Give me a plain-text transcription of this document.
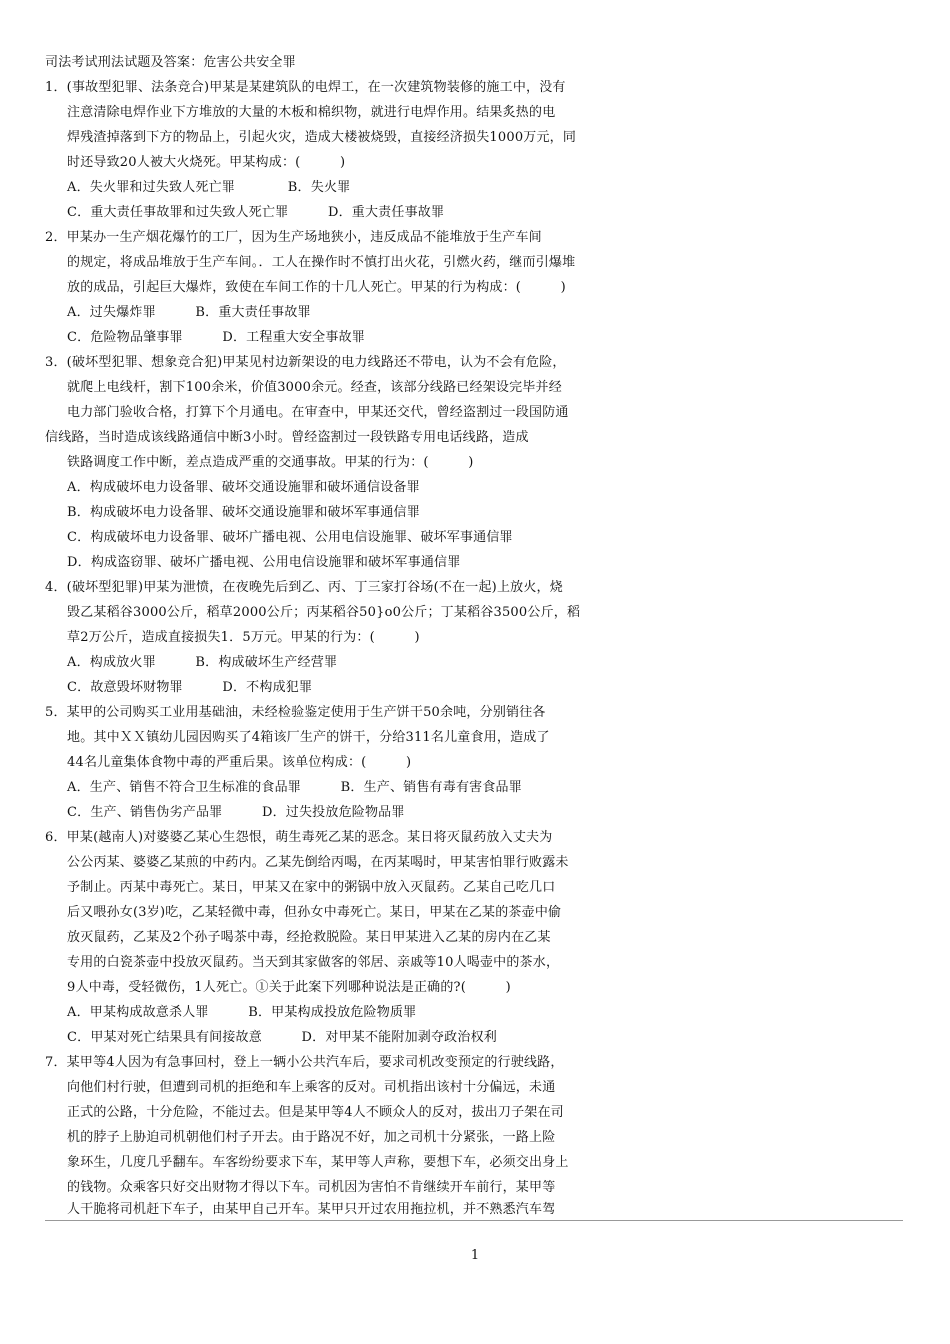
司法考试刑法试题及答案：危害公共安全罪
1．(事故型犯罪、法条竞合)甲某是某建筑队的电焊工，在一次建筑物装修的施工中，没有
注意清除电焊作业下方堆放的大量的木板和棉织物，就进行电焊作用。结果炙热的电
焊残渣掉落到下方的物品上，引起火灾，造成大楼被烧毁，直接经济损失1000万元，同
时还导致20人被大火烧死。甲某构成：(　　　)
A．失火罪和过失致人死亡罪　　　　B．失火罪
C．重大责任事故罪和过失致人死亡罪　　　D．重大责任事故罪
2．甲某办一生产烟花爆竹的工厂，因为生产场地狭小，违反成品不能堆放于生产车间
的规定，将成品堆放于生产车间。．工人在操作时不慎打出火花，引燃火药，继而引爆堆
放的成品，引起巨大爆炸，致使在车间工作的十几人死亡。甲某的行为构成：(　　　)
A．过失爆炸罪　　　B．重大责任事故罪
C．危险物品肇事罪　　　D．工程重大安全事故罪
3．(破坏型犯罪、想象竞合犯)甲某见村边新架设的电力线路还不带电，认为不会有危险，
就爬上电线杆，割下100余米，价值3000余元。经查，该部分线路已经架设完毕并经
电力部门验收合格，打算下个月通电。在审查中，甲某还交代，曾经盗割过一段国防通
信线路，当时造成该线路通信中断3小时。曾经盗割过一段铁路专用电话线路，造成
铁路调度工作中断，差点造成严重的交通事故。甲某的行为：(　　　)
A．构成破坏电力设备罪、破坏交通设施罪和破坏通信设备罪
B．构成破坏电力设备罪、破坏交通设施罪和破坏军事通信罪
C．构成破坏电力设备罪、破坏广播电视、公用电信设施罪、破坏军事通信罪
D．构成盗窃罪、破坏广播电视、公用电信设施罪和破坏军事通信罪
4．(破坏型犯罪)甲某为泄愤，在夜晚先后到乙、丙、丁三家打谷场(不在一起)上放火，烧
毁乙某稻谷3000公斤，稻草2000公斤；丙某稻谷50}o0公斤；丁某稻谷3500公斤，稻
草2万公斤，造成直接损失1．5万元。甲某的行为：(　　　)
A．构成放火罪　　　B．构成破坏生产经营罪
C．故意毁坏财物罪　　　D．不构成犯罪
5．某甲的公司购买工业用基础油，未经检验鉴定使用于生产饼干50余吨，分别销往各
地。其中ＸＸ镇幼儿园因购买了4箱该厂生产的饼干，分给311名儿童食用，造成了
44名儿童集体食物中毒的严重后果。该单位构成：(　　　)
A．生产、销售不符合卫生标准的食品罪　　　B．生产、销售有毒有害食品罪
C．生产、销售伪劣产品罪　　　D．过失投放危险物品罪
6．甲某(越南人)对婆婆乙某心生怨恨，萌生毒死乙某的恶念。某日将灭鼠药放入丈夫为
公公丙某、婆婆乙某煎的中药内。乙某先倒给丙喝，在丙某喝时，甲某害怕罪行败露未
予制止。丙某中毒死亡。某日，甲某又在家中的粥锅中放入灭鼠药。乙某自己吃几口
后又喂孙女(3岁)吃，乙某轻微中毒，但孙女中毒死亡。某日，甲某在乙某的茶壶中偷
放灭鼠药，乙某及2个孙子喝茶中毒，经抢救脱险。某日甲某进入乙某的房内在乙某
专用的白瓷茶壶中投放灭鼠药。当天到其家做客的邻居、亲戚等10人喝壶中的茶水，
9人中毒，受轻微伤，1人死亡。①关于此案下列哪种说法是正确的?(　　　)
A．甲某构成故意杀人罪　　　B．甲某构成投放危险物质罪
C．甲某对死亡结果具有间接故意　　　D．对甲某不能附加剥夺政治权利
7．某甲等4人因为有急事回村，登上一辆小公共汽车后，要求司机改变预定的行驶线路，
向他们村行驶，但遭到司机的拒绝和车上乘客的反对。司机指出该村十分偏远，未通
正式的公路，十分危险，不能过去。但是某甲等4人不顾众人的反对，拔出刀子架在司
机的脖子上胁迫司机朝他们村子开去。由于路况不好，加之司机十分紧张，一路上险
象环生，几度几乎翻车。车客纷纷要求下车，某甲等人声称，要想下车，必须交出身上
的钱物。众乘客只好交出财物才得以下车。司机因为害怕不肯继续开车前行，某甲等
人干脆将司机赶下车子，由某甲自己开车。某甲只开过农用拖拉机，并不熟悉汽车驾
1
